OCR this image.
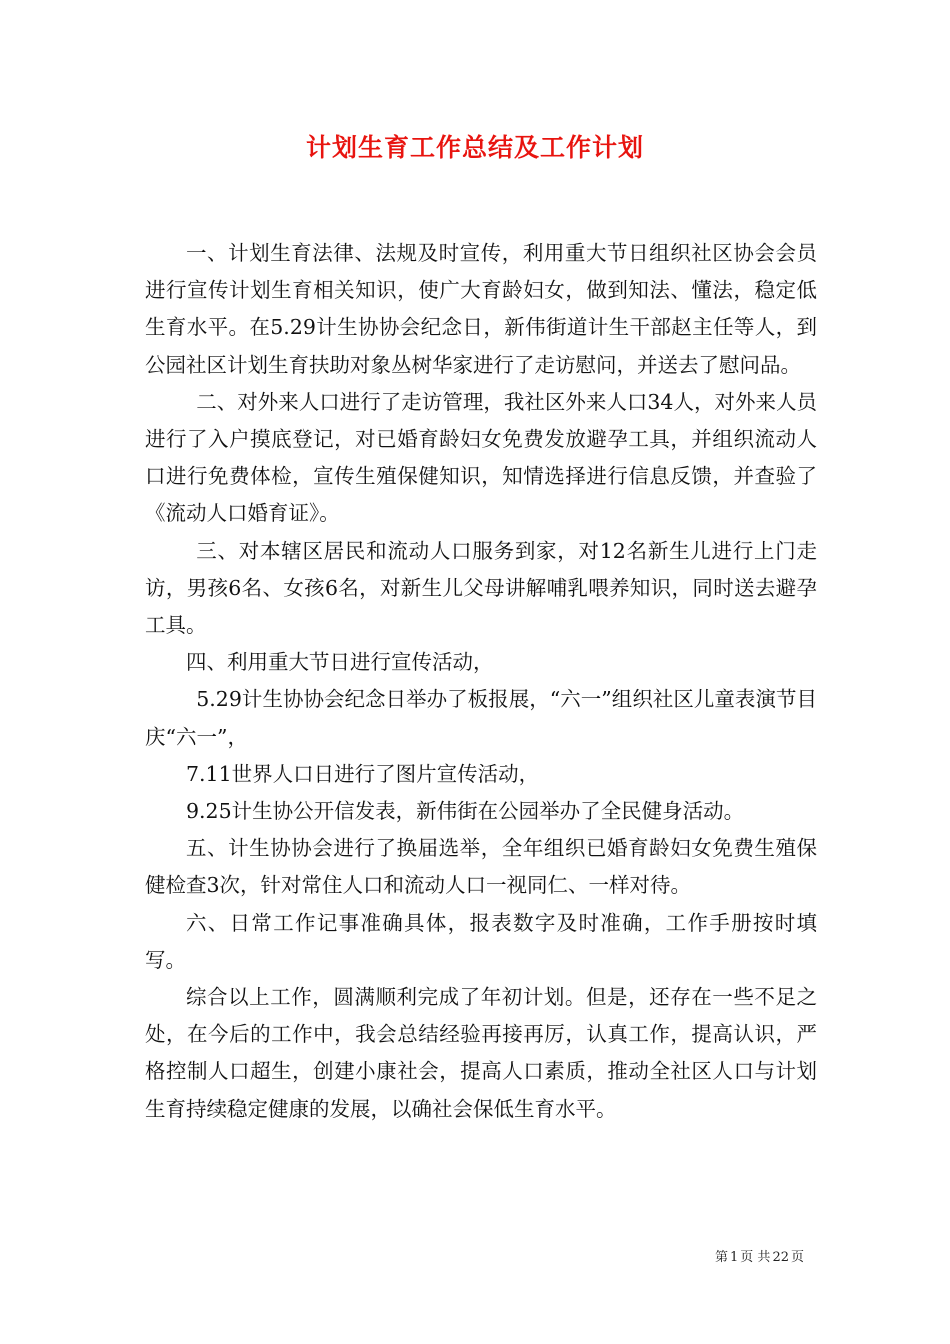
计划生育工作总结及工作计划

一、计划生育法律、法规及时宣传，利用重大节日组织社区协会会员进行宣传计划生育相关知识，使广大育龄妇女，做到知法、懂法，稳定低生育水平。在5.29计生协协会纪念日，新伟街道计生干部赵主任等人，到公园社区计划生育扶助对象丛树华家进行了走访慰问，并送去了慰问品。

二、对外来人口进行了走访管理，我社区外来人口34人，对外来人员进行了入户摸底登记，对已婚育龄妇女免费发放避孕工具，并组织流动人口进行免费体检，宣传生殖保健知识，知情选择进行信息反馈，并查验了《流动人口婚育证》。

三、对本辖区居民和流动人口服务到家，对12名新生儿进行上门走访，男孩6名、女孩6名，对新生儿父母讲解哺乳喂养知识，同时送去避孕工具。

四、利用重大节日进行宣传活动，

5.29计生协协会纪念日举办了板报展，“六一”组织社区儿童表演节目庆“六一”，

7.11世界人口日进行了图片宣传活动，

9.25计生协公开信发表，新伟街在公园举办了全民健身活动。

五、计生协协会进行了换届选举，全年组织已婚育龄妇女免费生殖保健检查3次，针对常住人口和流动人口一视同仁、一样对待。

六、日常工作记事准确具体，报表数字及时准确，工作手册按时填写。

综合以上工作，圆满顺利完成了年初计划。但是，还存在一些不足之处，在今后的工作中，我会总结经验再接再厉，认真工作，提高认识，严格控制人口超生，创建小康社会，提高人口素质，推动全社区人口与计划生育持续稳定健康的发展，以确社会保低生育水平。

第 1 页 共 22 页
